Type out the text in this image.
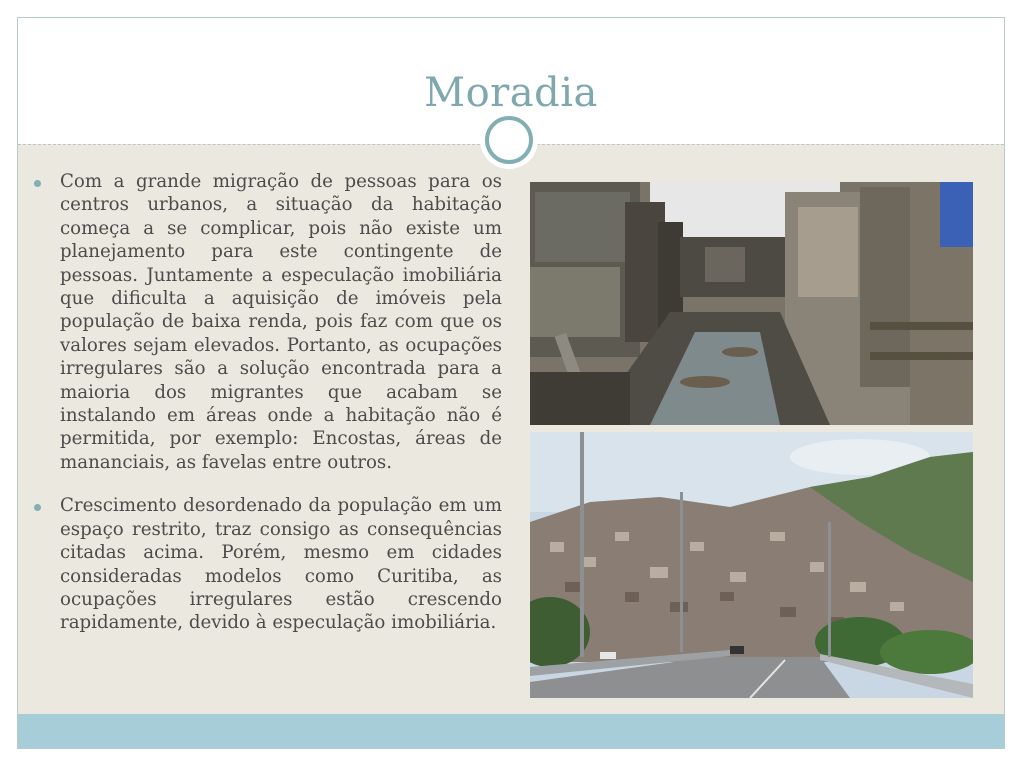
Moradia

Com a grande migração de pessoas para os centros urbanos, a situação da habitação começa a se complicar, pois não existe um planejamento para este contingente de pessoas. Juntamente a especulação imobiliária que dificulta a aquisição de imóveis pela população de baixa renda, pois faz com que os valores sejam elevados. Portanto, as ocupações irregulares são a solução encontrada para a maioria dos migrantes que acabam se instalando em áreas onde a habitação não é permitida, por exemplo: Encostas, áreas de mananciais, as favelas entre outros.

Crescimento desordenado da população em um espaço restrito, traz consigo as consequências citadas acima. Porém, mesmo em cidades consideradas modelos como Curitiba, as ocupações irregulares estão crescendo rapidamente, devido à especulação imobiliária.
